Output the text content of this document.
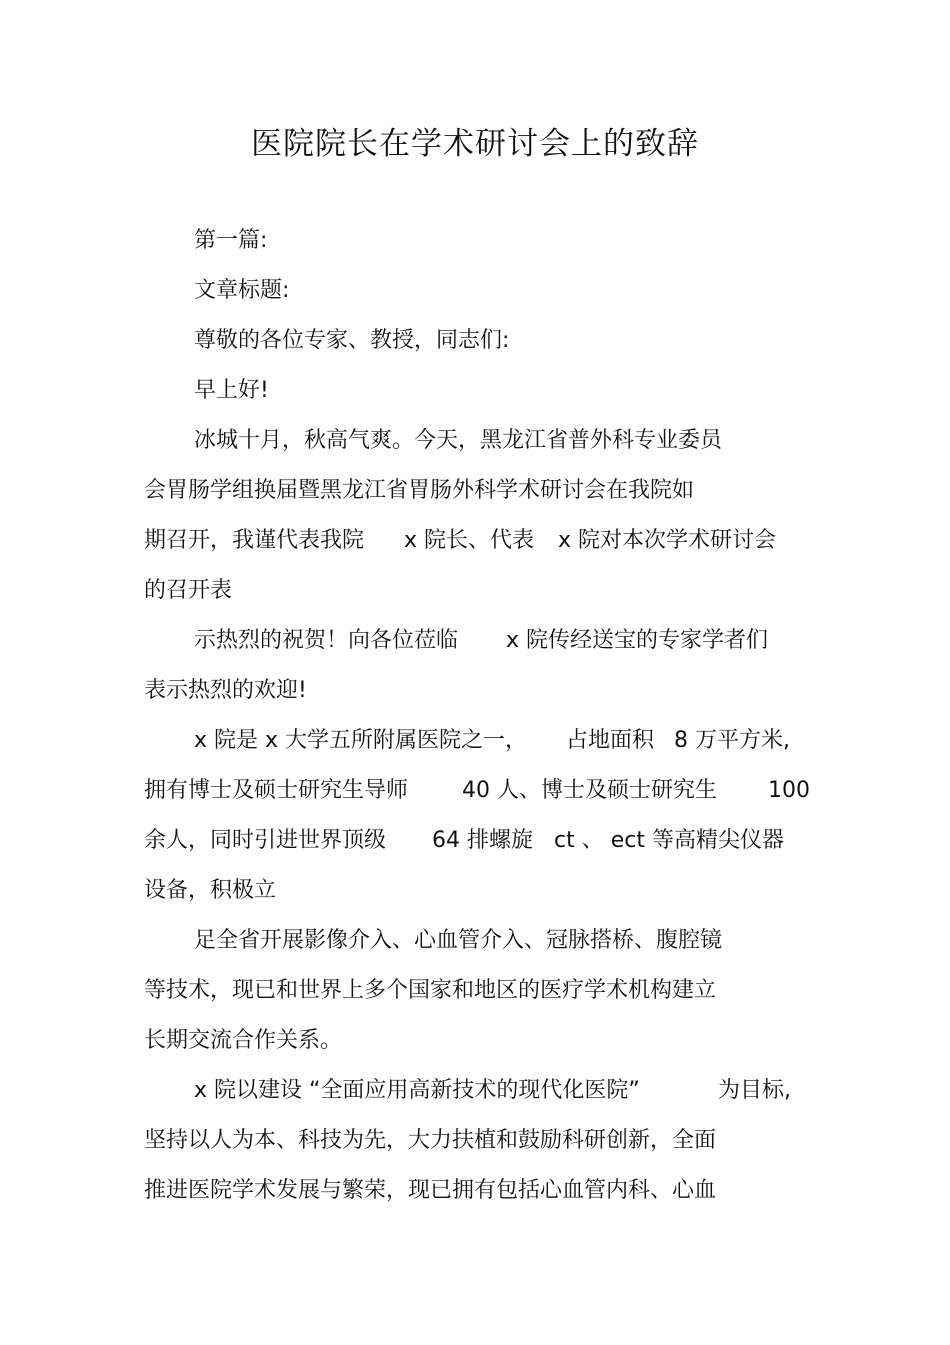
医院院长在学术研讨会上的致辞

第一篇:

文章标题:

尊敬的各位专家、教授，同志们:

早上好!

冰城十月，秋高气爽。今天，黑龙江省普外科专业委员

会胃肠学组换届暨黑龙江省胃肠外科学术研讨会在我院如

期召开，我谨代表我院 x 院长、代表 x 院对本次学术研讨会

的召开表

示热烈的祝贺！向各位莅临 x 院传经送宝的专家学者们

表示热烈的欢迎!

x 院是 x 大学五所附属医院之一， 占地面积 8 万平方米,
拥有博士及硕士研究生导师 40 人、博士及硕士研究生 100
余人，同时引进世界顶级 64 排螺旋 ct 、 ect 等高精尖仪器

设备，积极立

足全省开展影像介入、心血管介入、冠脉搭桥、腹腔镜

等技术，现已和世界上多个国家和地区的医疗学术机构建立

长期交流合作关系。

x 院以建设 “全面应用高新技术的现代化医院”	为目标,

坚持以人为本、科技为先，大力扶植和鼓励科研创新，全面

推进医院学术发展与繁荣，现已拥有包括心血管内科、心血
